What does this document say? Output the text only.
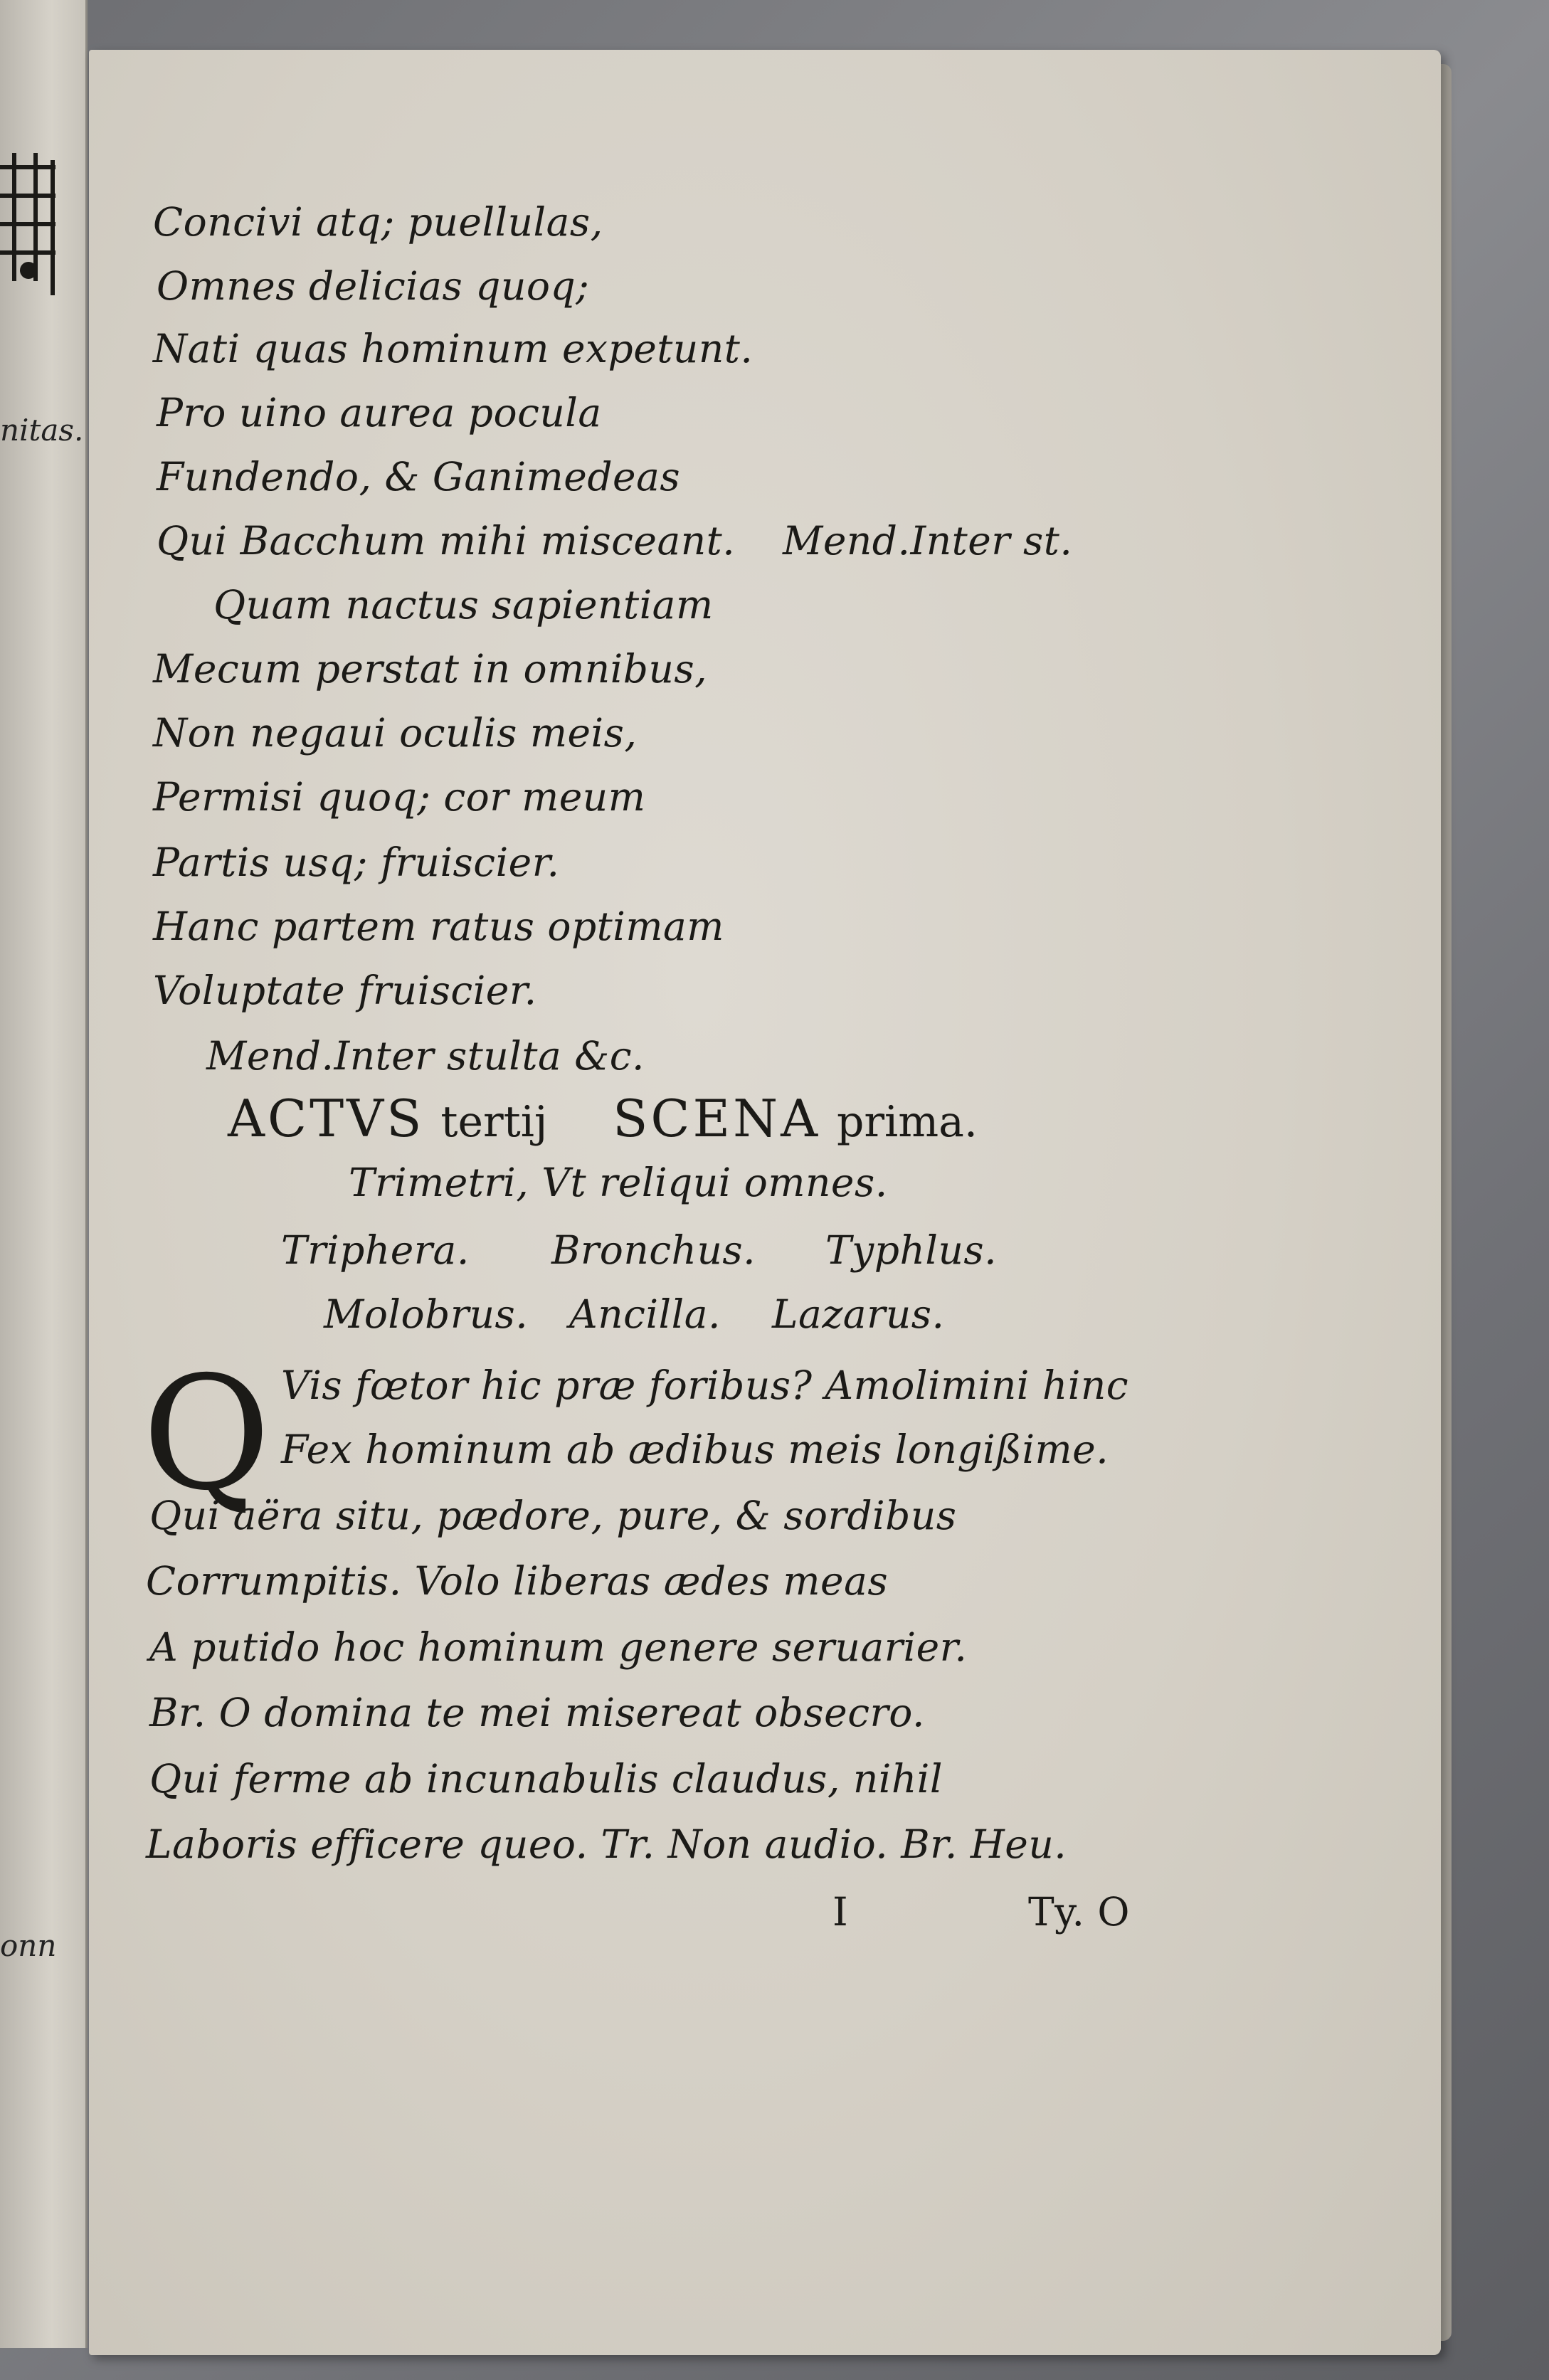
nitas.
onn
Concivi atq; puellulas,
Omnes delicias quoq;
Nati quas hominum expetunt.
Pro uino aurea pocula
Fundendo, & Ganimedeas
Qui Bacchum mihi misceant. Mend.Inter st.
Quam nactus sapientiam
Mecum perstat in omnibus,
Non negaui oculis meis,
Permisi quoq; cor meum
Partis usq; fruiscier.
Hanc partem ratus optimam
Voluptate fruiscier.
Mend.Inter stulta &c.
ACTVS tertij SCENA prima.
Trimetri, Vt reliqui omnes.
Triphera. Bronchus. Typhlus.
Molobrus. Ancilla. Lazarus.
Q Vis fœtor hic præ foribus? Amolimini hinc
Fex hominum ab ædibus meis longißime.
Qui aëra situ, pædore, pure, & sordibus
Corrumpitis. Volo liberas ædes meas
A putido hoc hominum genere seruarier.
Br. O domina te mei misereat obsecro.
Qui ferme ab incunabulis claudus, nihil
Laboris efficere queo. Tr. Non audio. Br. Heu.
I	Ty. O
